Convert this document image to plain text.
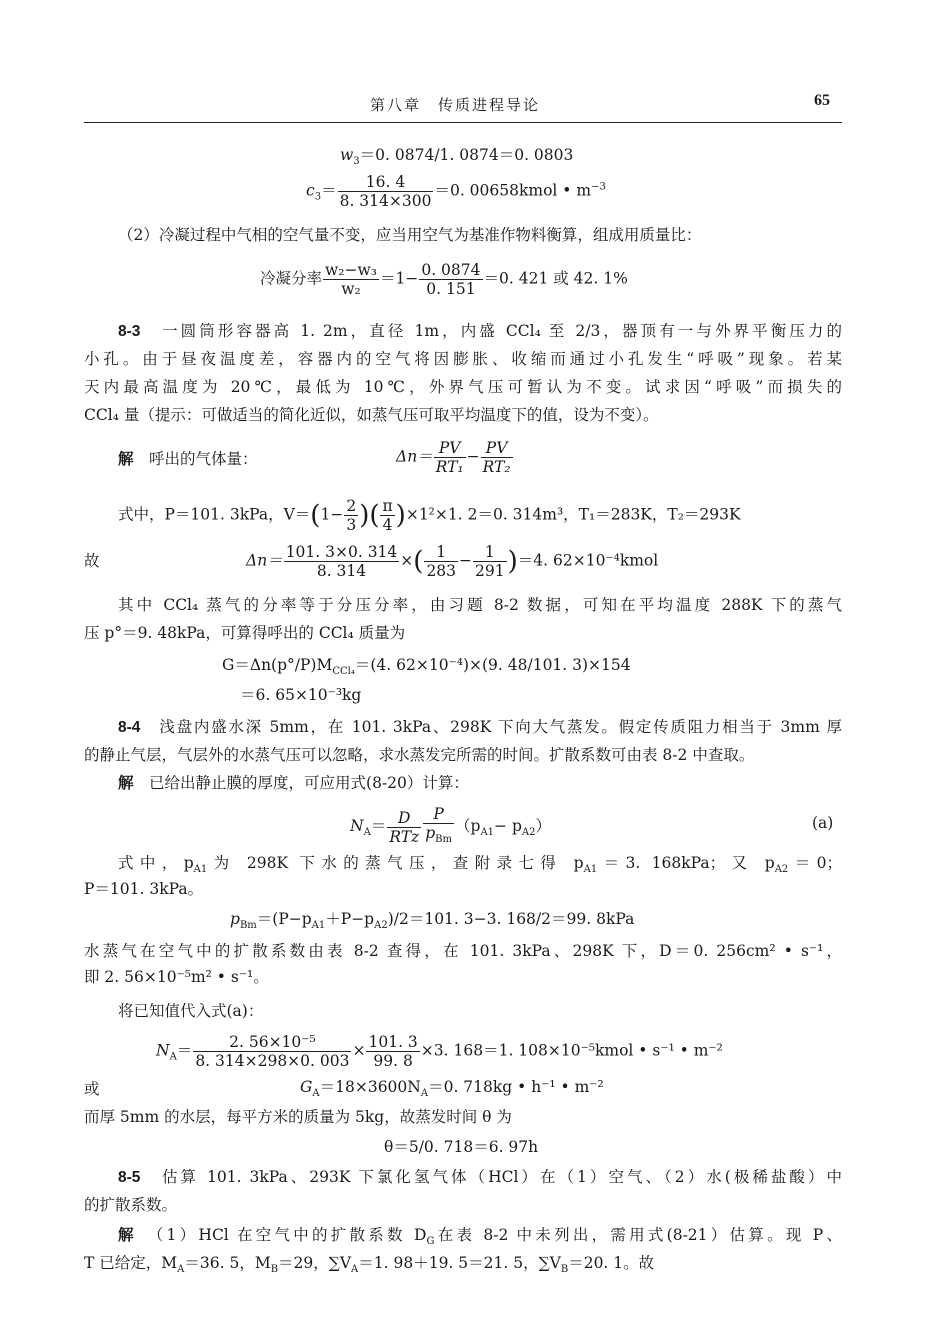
第八章　传质进程导论	65
$w_3=0$. 0874/1. 0874＝0. 0803
$c_3= \frac{16. 4}{8. 314\times 300} =0$. 00658kmol • $m^{-3}$
（2）冷凝过程中气相的空气量不变，应当用空气为基准作物料衡算，组成用质量比：
冷凝分率 $\frac{\text{w₂−w₃}}{\text{w₂}} =1- \frac{0. 0874}{0. 151} =0$. 421 或 42. 1%
8-3　 一圆筒形容器高 1. 2m，直径 1m，内盛 CCl₄ 至 2/3，器顶有一与外界平衡压力的
小孔。由于昼夜温度差，容器内的空气将因膨胀、收缩而通过小孔发生“呼吸”现象。若某
天内最高温度为 20℃，最低为 10℃，外界气压可暂认为不变。试求因“呼吸”而损失的
CCl₄ 量（提示：可做适当的简化近似，如蒸气压可取平均温度下的值，设为不变）。
解　 呼出的气体量：	$\Delta n= \frac{PV}{\text{RT₁}} - \frac{PV}{\text{RT₂}}$
式中，P＝101. 3kPa，$V=(1- \frac{2}{3}$ )( $\frac{\pi}{4} )\times 1^2\times 1$. 2＝0. 314m³，T₁＝283K，T₂＝293K
故	$\Delta n= \frac{101. 3\times 0. 314}{8. 314}$ ×( $\frac{1}{283} - \frac{1}{291} )=4$. 62×10⁻⁴kmol
其中 CCl₄ 蒸气的分率等于分压分率，由习题 8-2 数据，可知在平均温度 288K 下的蒸气
压 p°＝9. 48kPa，可算得呼出的 CCl₄ 质量为
$G=\Delta n(p^\circ/P)M_{CCl_4}=(4$. 62×10⁻⁴)×(9. 48/101. 3)×154
＝6. 65×10⁻³kg
8-4　 浅盘内盛水深 5mm，在 101. 3kPa、298K 下向大气蒸发。假定传质阻力相当于 3mm 厚
的静止气层，气层外的水蒸气压可以忽略，求水蒸发完所需的时间。扩散系数可由表 8-2 中查取。
解　 已给出静止膜的厚度，可应用式(8-20）计算：
$N_A= \frac{D}{\text{RTz}} \frac{P}{p_{Bm}} (p_{A1}- p_{A2})$	(a)
式中，$p_{A1}$为 298K 下水的蒸气压，查附录七得 $p_{A1}=3$. 168kPa；又 $p_{A2}=0$；
P＝101. 3kPa。
$p_{Bm}=(P-p_{A1}+P-p_{A2})/2=101$. 3−3. 168/2＝99. 8kPa
水蒸气在空气中的扩散系数由表 8-2 查得，在 101. 3kPa、298K 下，D＝0. 256cm² • s⁻¹，
即 2. 56×10⁻⁵m² • s⁻¹。
将已知值代入式(a)：
$N_A= \frac{\text{2. 56×10⁻⁵}}{8. 314\times 298\times 0. 003} \times \frac{101. 3}{99. 8} \times 3$. 168＝1. 108×10⁻⁵kmol • s⁻¹ • m⁻²
或	$G_A=18\times 3600N_A=0$. 718kg • h⁻¹ • m⁻²
而厚 5mm 的水层，每平方米的质量为 5kg，故蒸发时间 θ 为
θ＝5/0. 718＝6. 97h
8-5　 估算 101. 3kPa、293K 下氯化氢气体（HCl）在（1）空气、（2）水(极稀盐酸）中
的扩散系数。
解　 （1）HCl 在空气中的扩散系数 $D_G$在表 8-2 中未列出，需用式(8-21）估算。现 P、
T 已给定，$M_A=36$. 5，$M_B=29$，$\sum V_A=1$. 98＋19. 5＝21. 5，$\sum V_B=20$. 1。故
